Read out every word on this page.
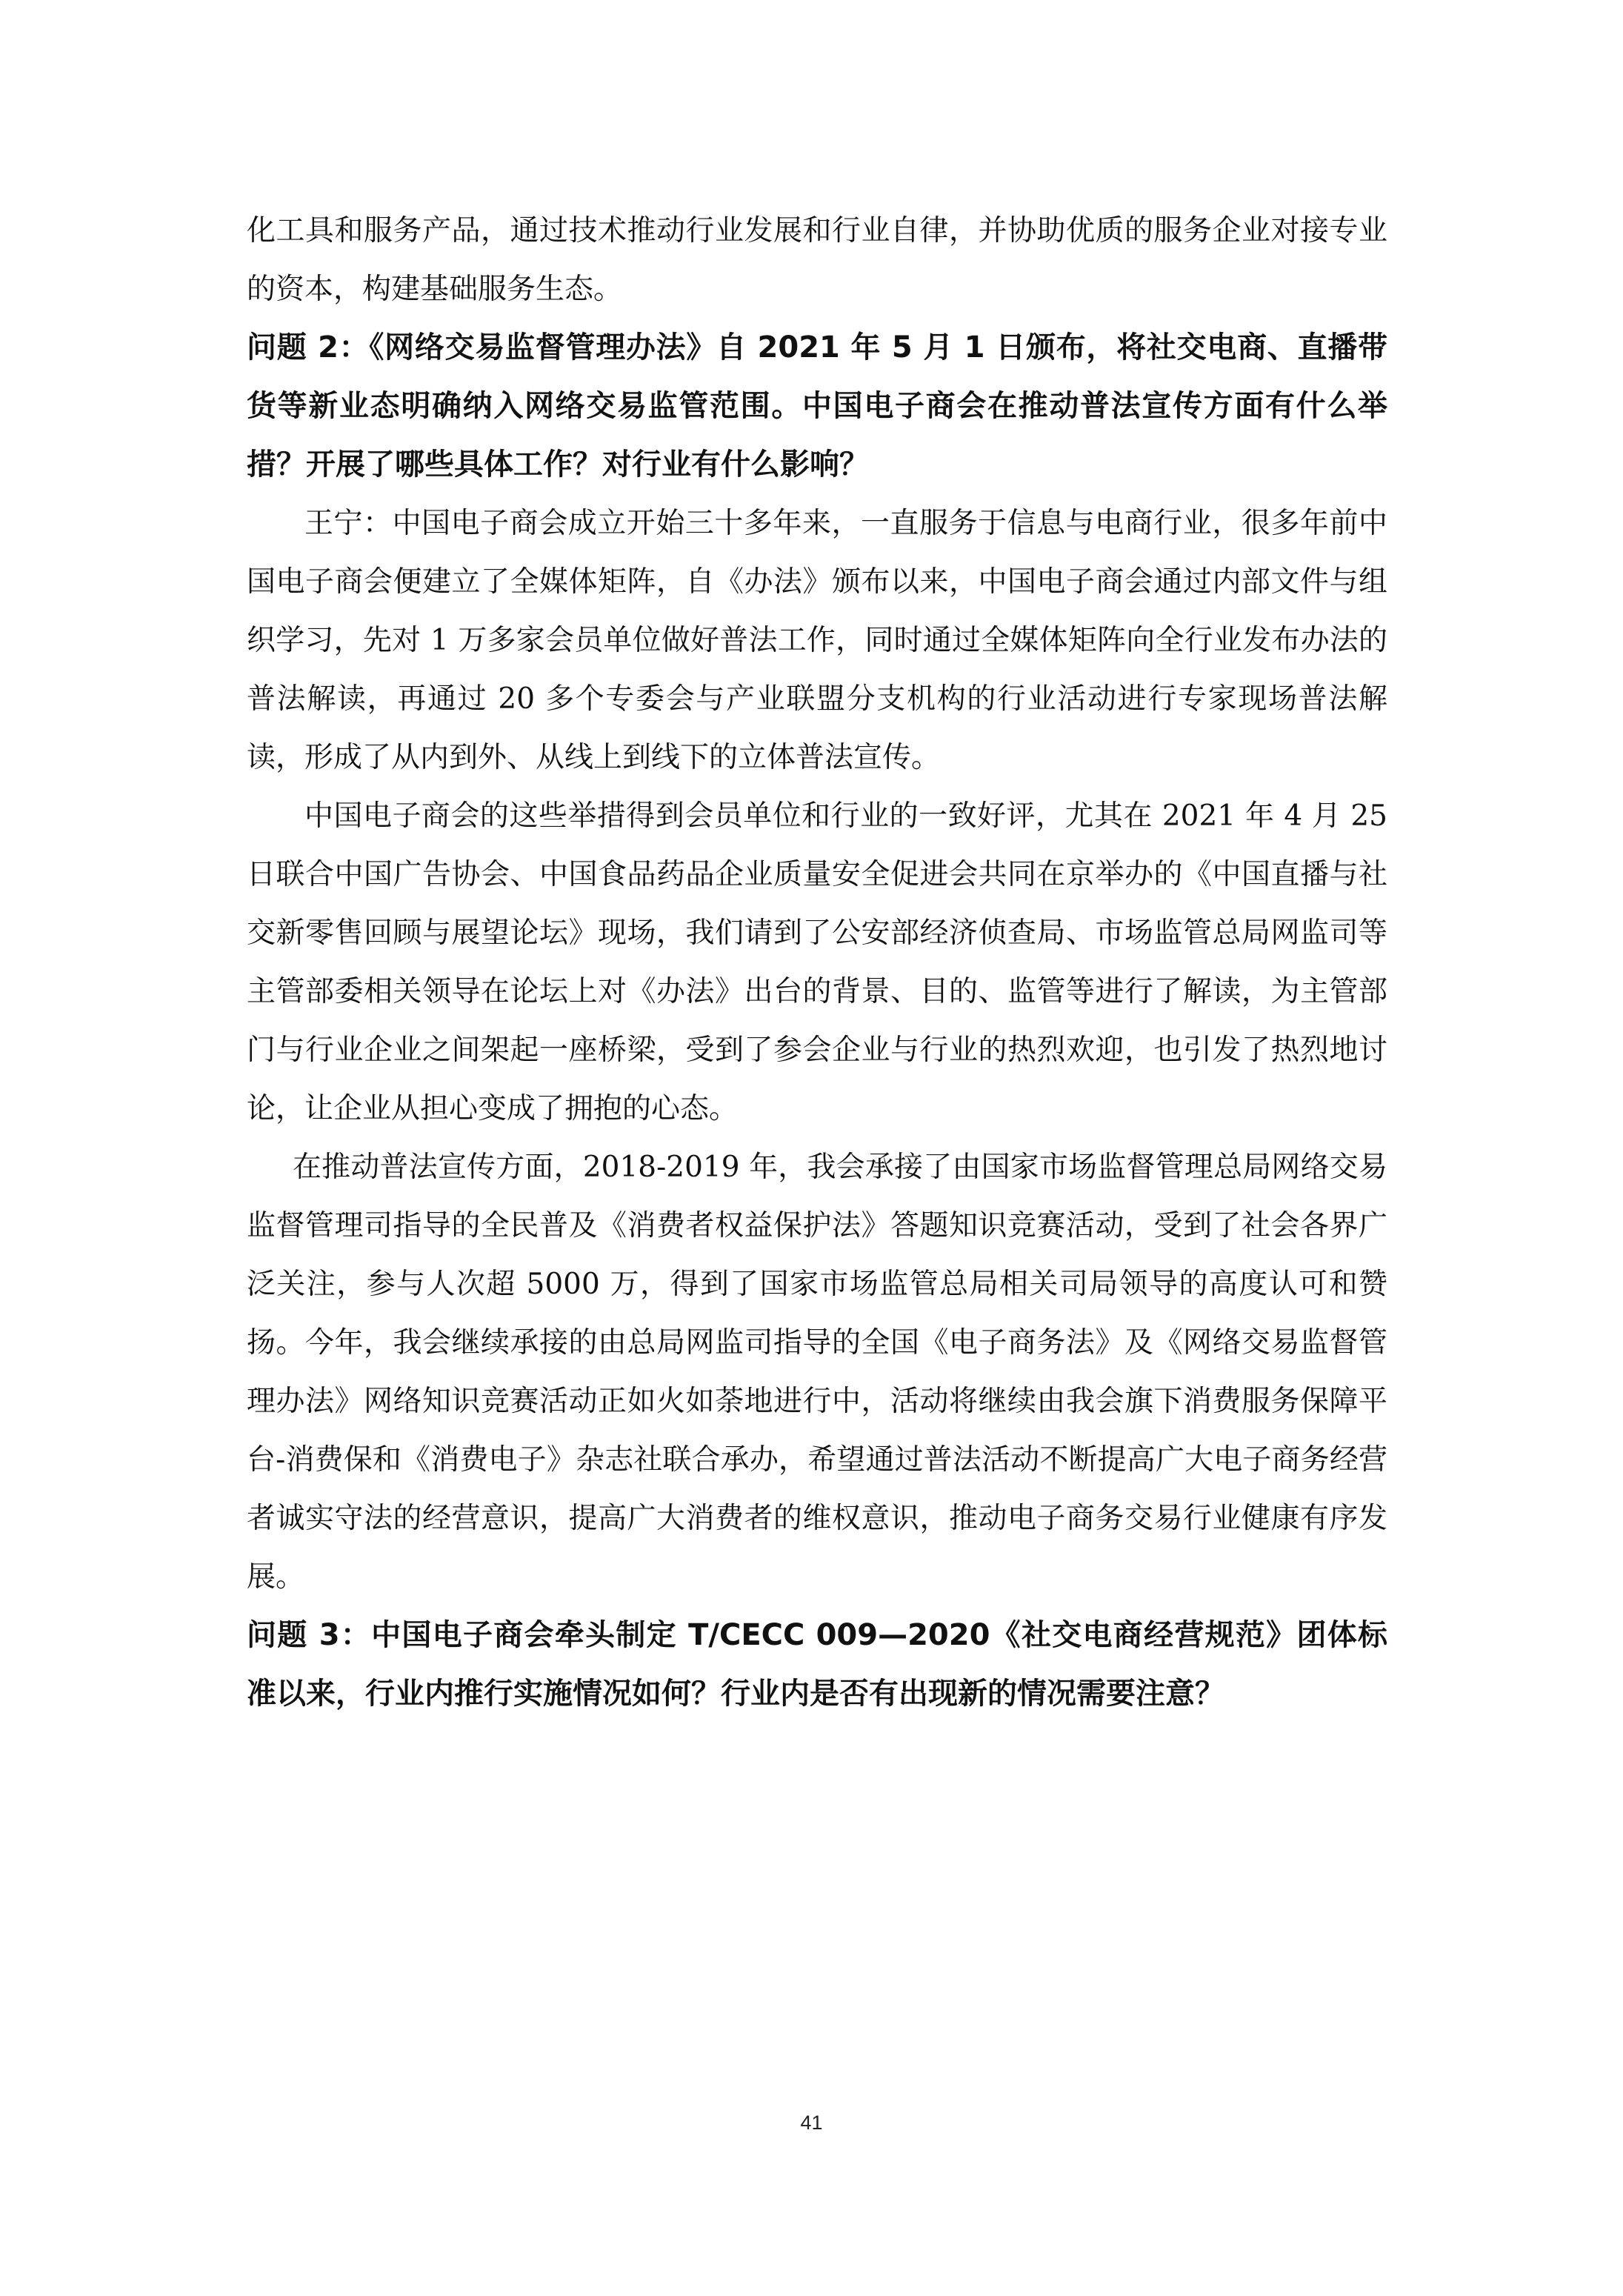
化工具和服务产品，通过技术推动行业发展和行业自律，并协助优质的服务企业对接专业的资本，构建基础服务生态。

问题 2：《网络交易监督管理办法》自 2021 年 5 月 1 日颁布，将社交电商、直播带货等新业态明确纳入网络交易监管范围。中国电子商会在推动普法宣传方面有什么举措？开展了哪些具体工作？对行业有什么影响？

王宁：中国电子商会成立开始三十多年来，一直服务于信息与电商行业，很多年前中国电子商会便建立了全媒体矩阵，自《办法》颁布以来，中国电子商会通过内部文件与组织学习，先对 1 万多家会员单位做好普法工作，同时通过全媒体矩阵向全行业发布办法的普法解读，再通过 20 多个专委会与产业联盟分支机构的行业活动进行专家现场普法解读，形成了从内到外、从线上到线下的立体普法宣传。

中国电子商会的这些举措得到会员单位和行业的一致好评，尤其在 2021 年 4 月 25 日联合中国广告协会、中国食品药品企业质量安全促进会共同在京举办的《中国直播与社交新零售回顾与展望论坛》现场，我们请到了公安部经济侦查局、市场监管总局网监司等主管部委相关领导在论坛上对《办法》出台的背景、目的、监管等进行了解读，为主管部门与行业企业之间架起一座桥梁，受到了参会企业与行业的热烈欢迎，也引发了热烈地讨论，让企业从担心变成了拥抱的心态。

在推动普法宣传方面，2018-2019 年，我会承接了由国家市场监督管理总局网络交易监督管理司指导的全民普及《消费者权益保护法》答题知识竞赛活动，受到了社会各界广泛关注，参与人次超 5000 万，得到了国家市场监管总局相关司局领导的高度认可和赞扬。今年，我会继续承接的由总局网监司指导的全国《电子商务法》及《网络交易监督管理办法》网络知识竞赛活动正如火如荼地进行中，活动将继续由我会旗下消费服务保障平台-消费保和《消费电子》杂志社联合承办，希望通过普法活动不断提高广大电子商务经营者诚实守法的经营意识，提高广大消费者的维权意识，推动电子商务交易行业健康有序发展。

问题 3：中国电子商会牵头制定 T/CECC 009—2020《社交电商经营规范》团体标准以来，行业内推行实施情况如何？行业内是否有出现新的情况需要注意？

41
